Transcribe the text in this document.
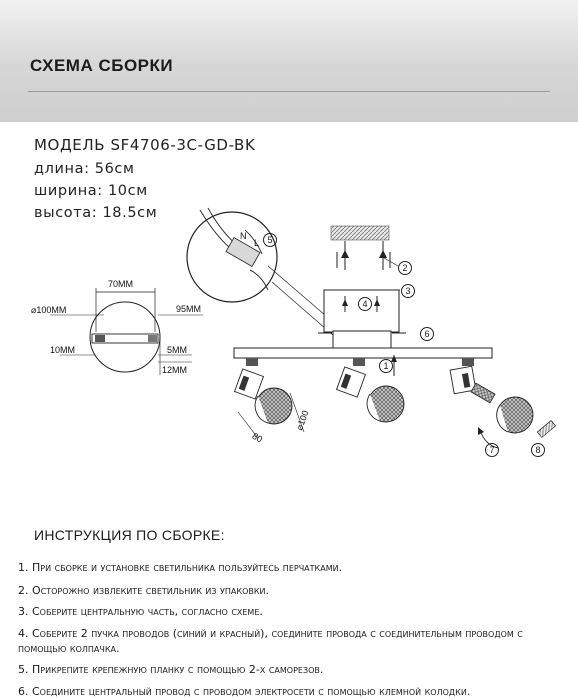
СХЕМА СБОРКИ
МОДЕЛЬ SF4706-3C-GD-BK
длина: 56см
ширина: 10см
высота: 18.5см
70ММ
⌀100ММ	95ММ
10ММ	5ММ
12ММ
N
L
80
⌀100
1
2
3
4
5
6
7	8
ИНСТРУКЦИЯ ПО СБОРКЕ:
1. При сборке и установке светильника пользуйтесь перчатками.
2. Осторожно извлеките светильник из упаковки.
3. Соберите центральную часть, согласно схеме.
4. Соберите 2 пучка проводов (синий и красный), соедините провода с соединительным проводом с помощью колпачка.
5. Прикрепите крепежную планку с помощью 2-х саморезов.
6. Соедините центральный провод с проводом электросети с помощью клемной колодки.
